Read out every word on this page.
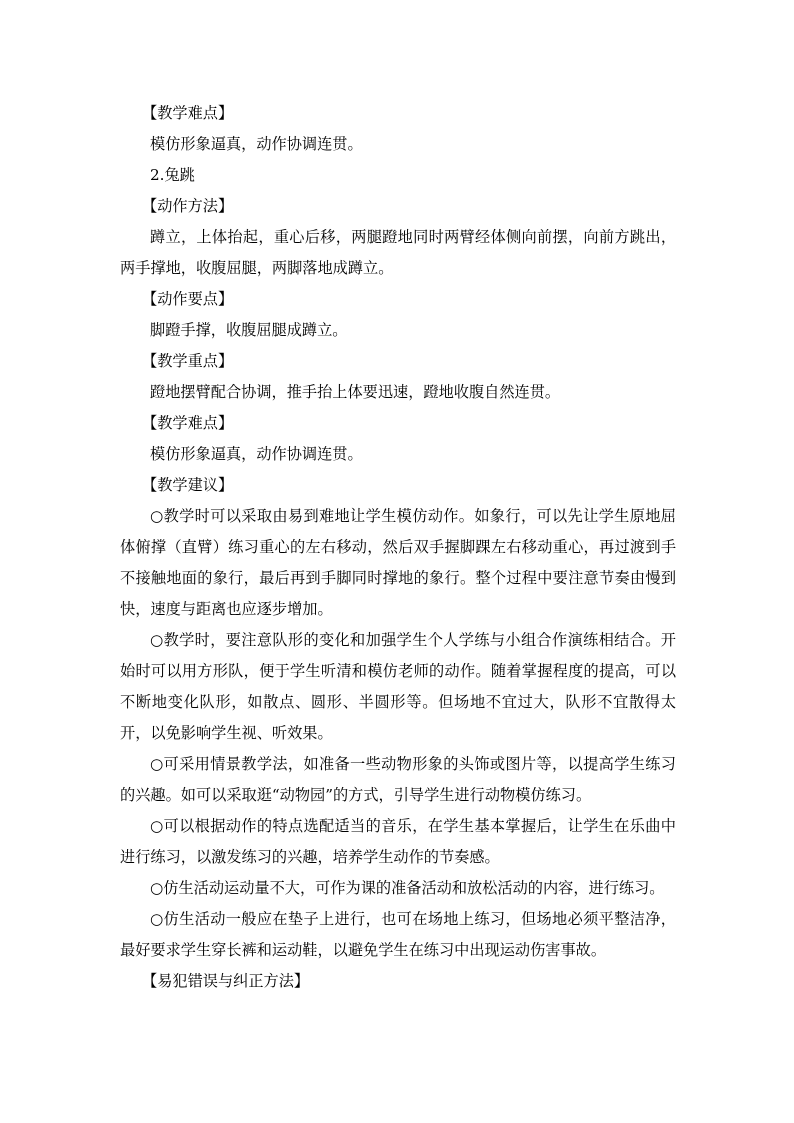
【教学难点】

模仿形象逼真，动作协调连贯。

2.兔跳

【动作方法】

蹲立，上体抬起，重心后移，两腿蹬地同时两臂经体侧向前摆，向前方跳出，两手撑地，收腹屈腿，两脚落地成蹲立。

【动作要点】

脚蹬手撑，收腹屈腿成蹲立。

【教学重点】

蹬地摆臂配合协调，推手抬上体要迅速，蹬地收腹自然连贯。

【教学难点】

模仿形象逼真，动作协调连贯。

【教学建议】

○教学时可以采取由易到难地让学生模仿动作。如象行，可以先让学生原地屈体俯撑（直臂）练习重心的左右移动，然后双手握脚踝左右移动重心，再过渡到手不接触地面的象行，最后再到手脚同时撑地的象行。整个过程中要注意节奏由慢到快，速度与距离也应逐步增加。

○教学时，要注意队形的变化和加强学生个人学练与小组合作演练相结合。开始时可以用方形队，便于学生听清和模仿老师的动作。随着掌握程度的提高，可以不断地变化队形，如散点、圆形、半圆形等。但场地不宜过大，队形不宜散得太开，以免影响学生视、听效果。

○可采用情景教学法，如准备一些动物形象的头饰或图片等，以提高学生练习的兴趣。如可以采取逛“动物园”的方式，引导学生进行动物模仿练习。

○可以根据动作的特点选配适当的音乐，在学生基本掌握后，让学生在乐曲中进行练习，以激发练习的兴趣，培养学生动作的节奏感。

○仿生活动运动量不大，可作为课的准备活动和放松活动的内容，进行练习。

○仿生活动一般应在垫子上进行，也可在场地上练习，但场地必须平整洁净，最好要求学生穿长裤和运动鞋，以避免学生在练习中出现运动伤害事故。

【易犯错误与纠正方法】
